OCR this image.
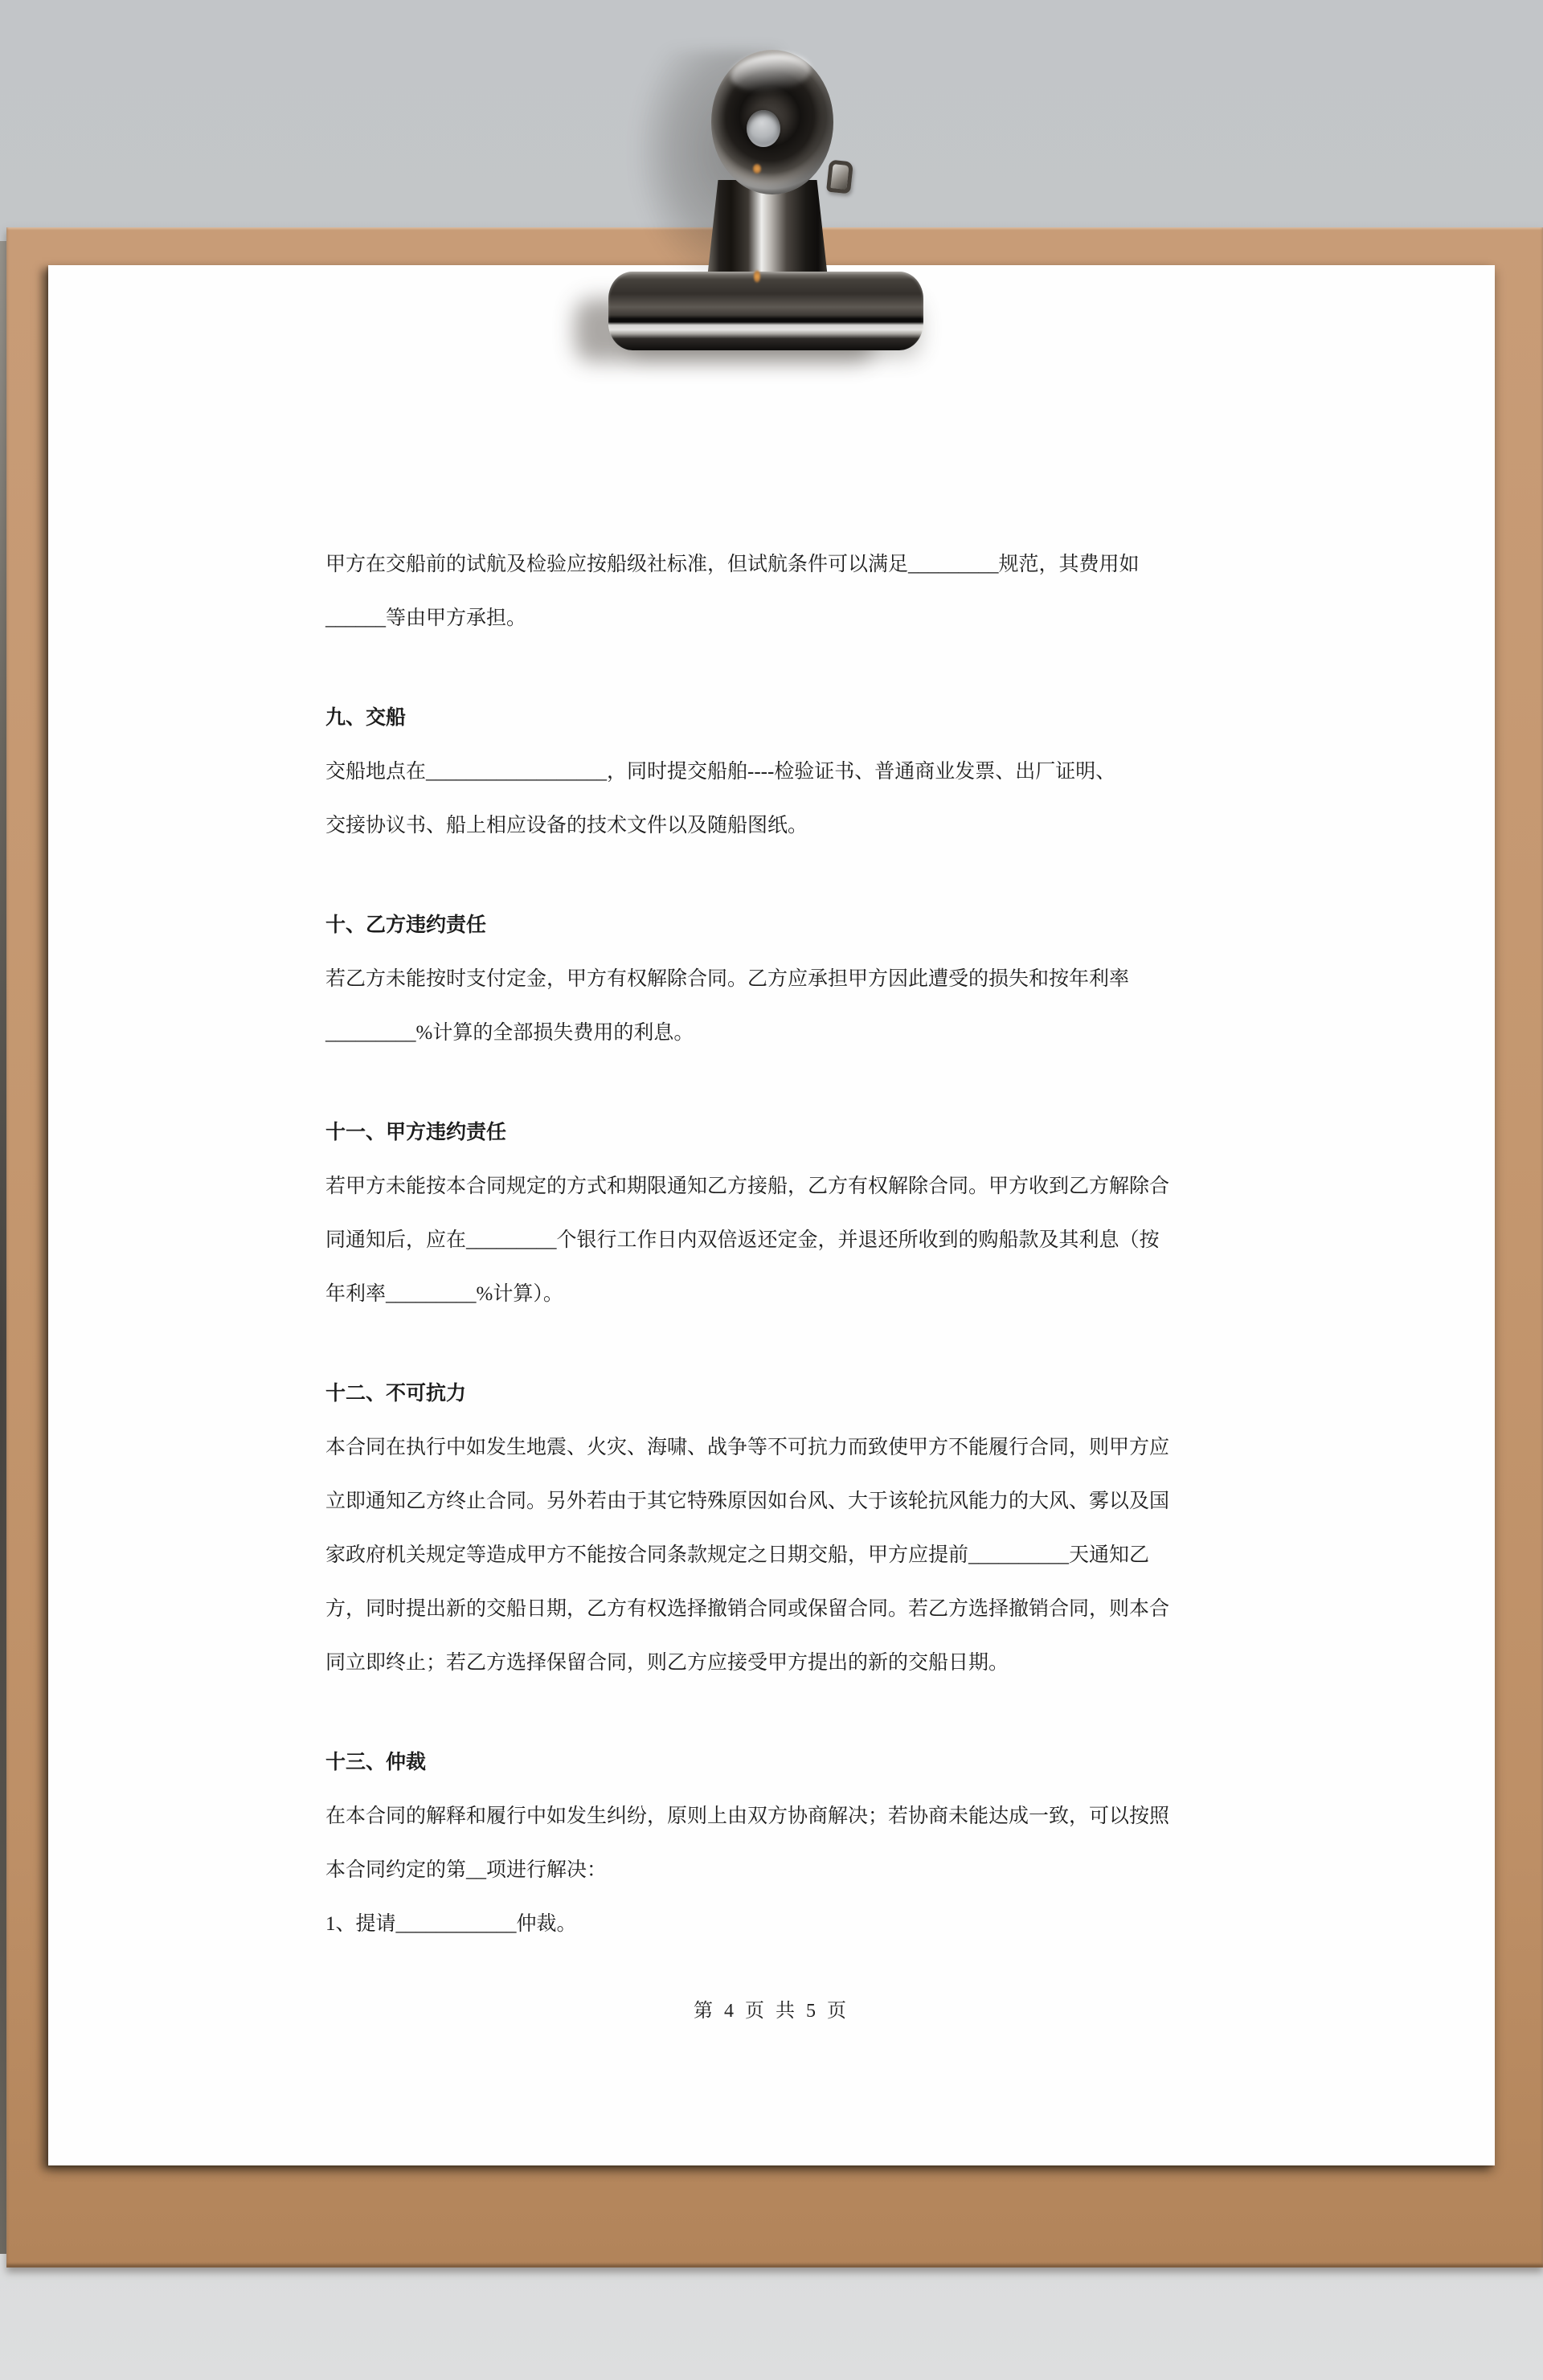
甲方在交船前的试航及检验应按船级社标准，但试航条件可以满足_________规范，其费用如
______等由甲方承担。
九、交船
交船地点在__________________，同时提交船舶----检验证书、普通商业发票、出厂证明、
交接协议书、船上相应设备的技术文件以及随船图纸。
十、乙方违约责任
若乙方未能按时支付定金，甲方有权解除合同。乙方应承担甲方因此遭受的损失和按年利率
_________%计算的全部损失费用的利息。
十一、甲方违约责任
若甲方未能按本合同规定的方式和期限通知乙方接船，乙方有权解除合同。甲方收到乙方解除合
同通知后，应在_________个银行工作日内双倍返还定金，并退还所收到的购船款及其利息（按
年利率_________%计算）。
十二、不可抗力
本合同在执行中如发生地震、火灾、海啸、战争等不可抗力而致使甲方不能履行合同，则甲方应
立即通知乙方终止合同。另外若由于其它特殊原因如台风、大于该轮抗风能力的大风、雾以及国
家政府机关规定等造成甲方不能按合同条款规定之日期交船，甲方应提前__________天通知乙
方，同时提出新的交船日期，乙方有权选择撤销合同或保留合同。若乙方选择撤销合同，则本合
同立即终止；若乙方选择保留合同，则乙方应接受甲方提出的新的交船日期。
十三、仲裁
在本合同的解释和履行中如发生纠纷，原则上由双方协商解决；若协商未能达成一致，可以按照
本合同约定的第__项进行解决：
1、提请____________仲裁。
第 4 页 共 5 页
